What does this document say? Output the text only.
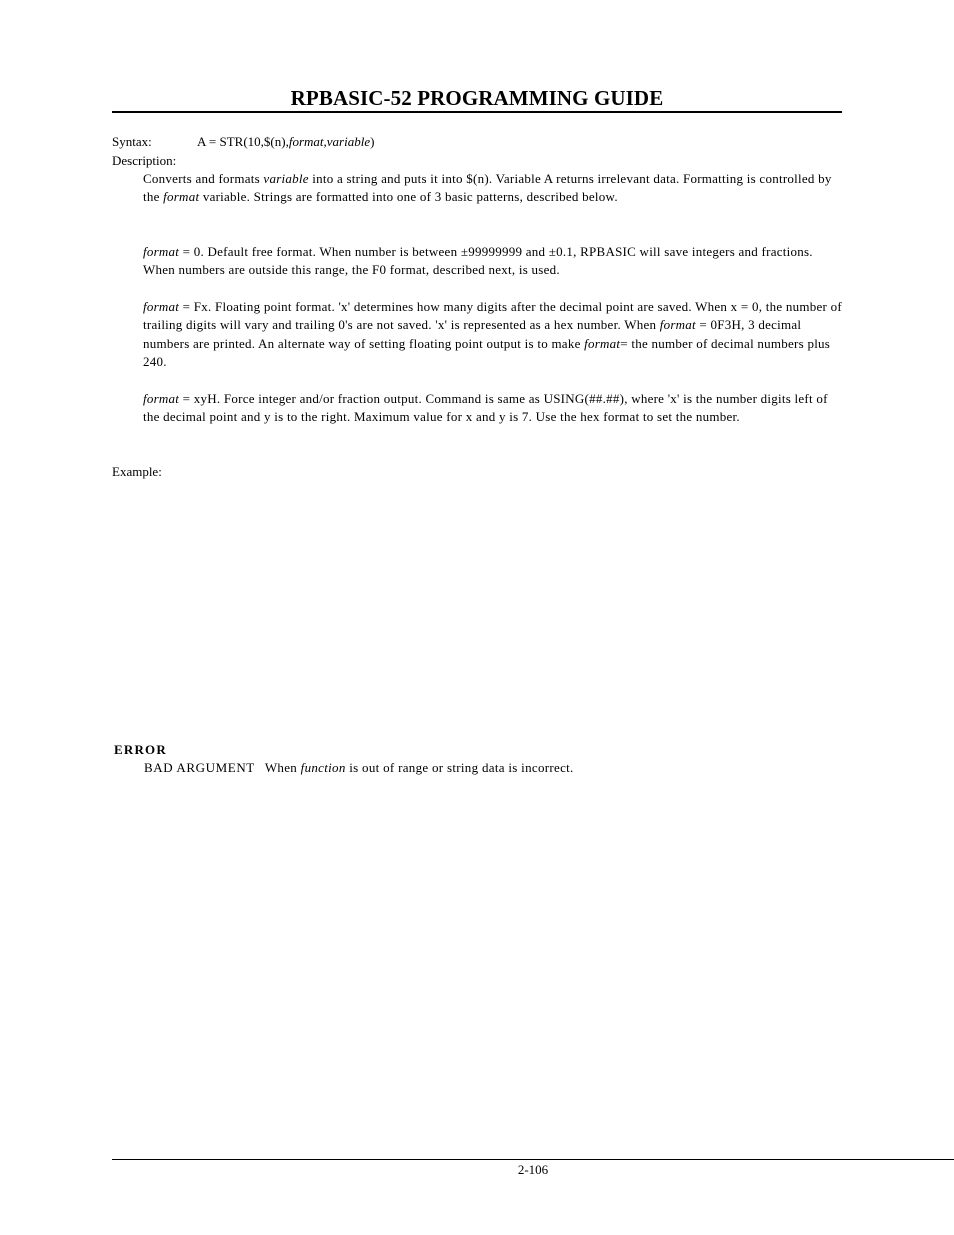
RPBASIC-52 PROGRAMMING GUIDE
Syntax:	A = STR(10,$(n),format,variable)
Description:

Converts and formats variable into a string and puts it into $(n). Variable A returns irrelevant data. Formatting is controlled by the format variable. Strings are formatted into one of 3 basic patterns, described below.

format = 0. Default free format. When number is between ±99999999 and ±0.1, RPBASIC will save integers and fractions. When numbers are outside this range, the F0 format, described next, is used.

format = Fx. Floating point format. 'x' determines how many digits after the decimal point are saved. When x = 0, the number of trailing digits will vary and trailing 0's are not saved. 'x' is represented as a hex number. When format = 0F3H, 3 decimal numbers are printed. An alternate way of setting floating point output is to make format= the number of decimal numbers plus 240.

format = xyH. Force integer and/or fraction output. Command is same as USING(##.##), where 'x' is the number digits left of the decimal point and y is to the right. Maximum value for x and y is 7. Use the hex format to set the number.

Example:
ERROR
BAD ARGUMENT When function is out of range or string data is incorrect.
2-106
